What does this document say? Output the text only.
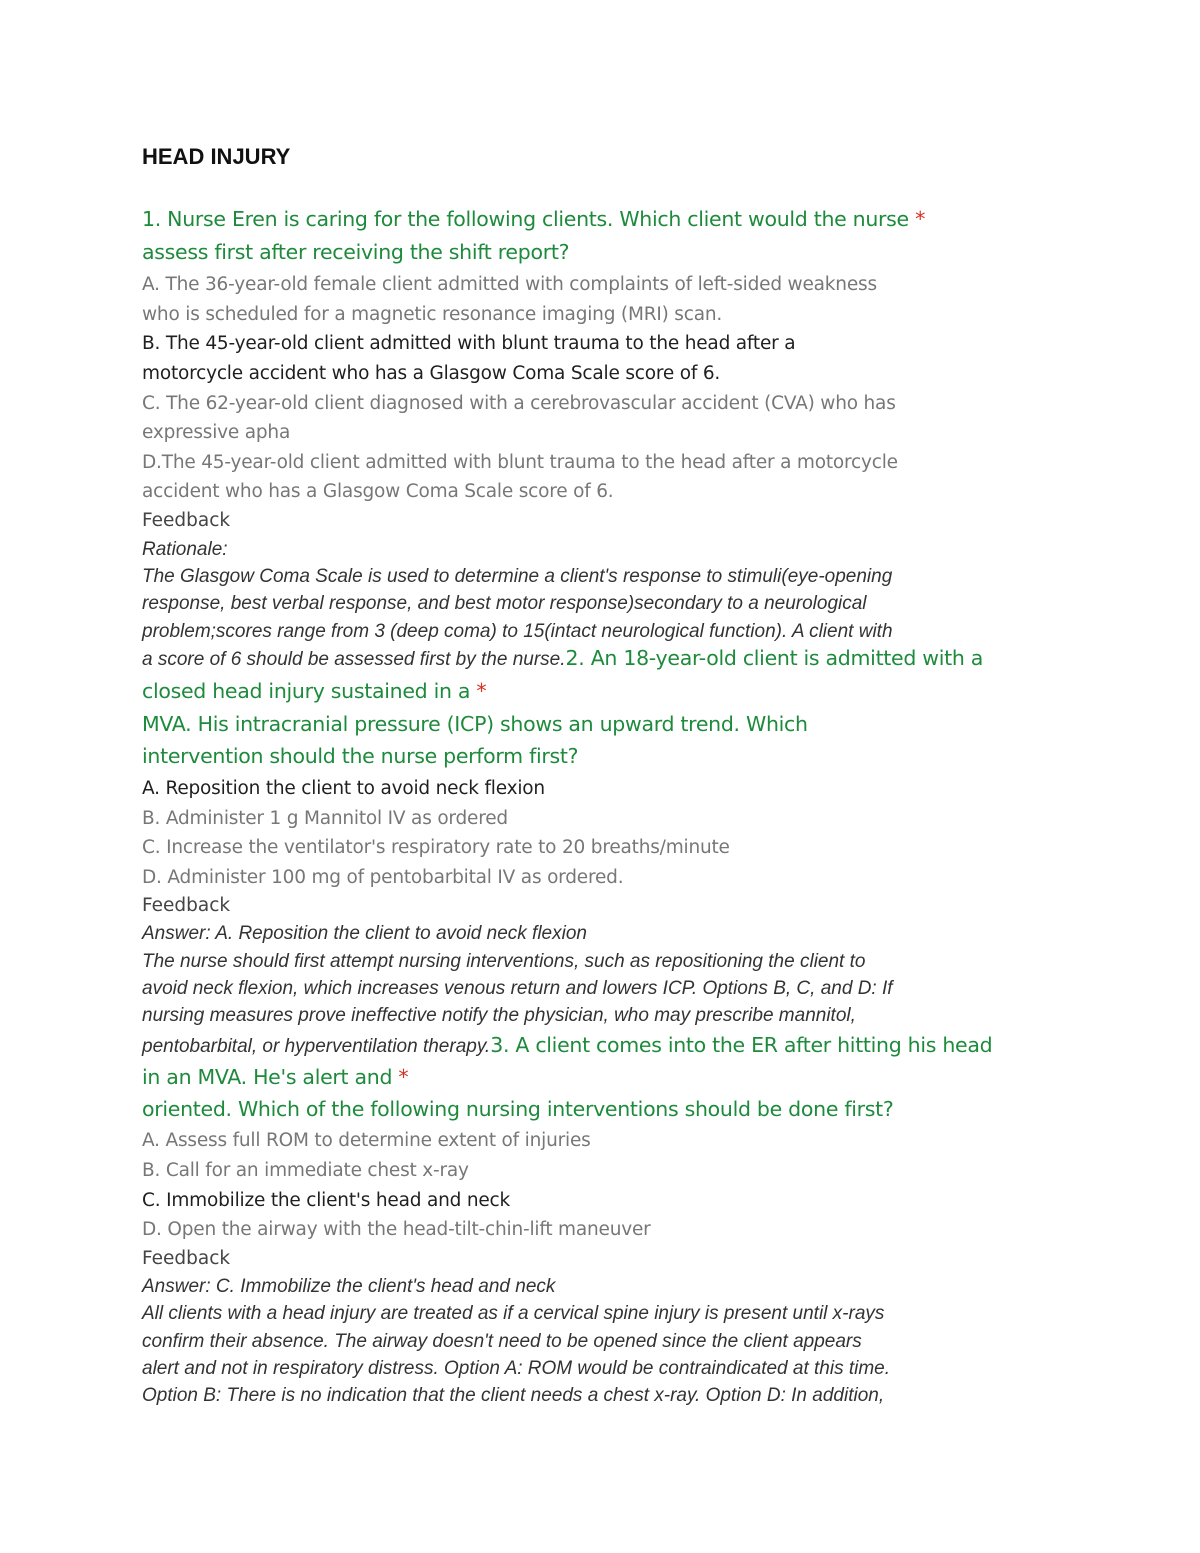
HEAD INJURY
1. Nurse Eren is caring for the following clients. Which client would the nurse *
assess first after receiving the shift report?
A. The 36-year-old female client admitted with complaints of left-sided weakness
who is scheduled for a magnetic resonance imaging (MRI) scan.
B. The 45-year-old client admitted with blunt trauma to the head after a
motorcycle accident who has a Glasgow Coma Scale score of 6.
C. The 62-year-old client diagnosed with a cerebrovascular accident (CVA) who has
expressive apha
D.The 45-year-old client admitted with blunt trauma to the head after a motorcycle
accident who has a Glasgow Coma Scale score of 6.
Feedback
Rationale:
The Glasgow Coma Scale is used to determine a client's response to stimuli(eye-opening
response, best verbal response, and best motor response)secondary to a neurological
problem;scores range from 3 (deep coma) to 15(intact neurological function). A client with
a score of 6 should be assessed first by the nurse.2. An 18-year-old client is admitted with a
closed head injury sustained in a *
MVA. His intracranial pressure (ICP) shows an upward trend. Which
intervention should the nurse perform first?
A. Reposition the client to avoid neck flexion
B. Administer 1 g Mannitol IV as ordered
C. Increase the ventilator's respiratory rate to 20 breaths/minute
D. Administer 100 mg of pentobarbital IV as ordered.
Feedback
Answer: A. Reposition the client to avoid neck flexion
The nurse should first attempt nursing interventions, such as repositioning the client to
avoid neck flexion, which increases venous return and lowers ICP. Options B, C, and D: If
nursing measures prove ineffective notify the physician, who may prescribe mannitol,
pentobarbital, or hyperventilation therapy.3. A client comes into the ER after hitting his head
in an MVA. He's alert and *
oriented. Which of the following nursing interventions should be done first?
A. Assess full ROM to determine extent of injuries
B. Call for an immediate chest x-ray
C. Immobilize the client's head and neck
D. Open the airway with the head-tilt-chin-lift maneuver
Feedback
Answer: C. Immobilize the client's head and neck
All clients with a head injury are treated as if a cervical spine injury is present until x-rays
confirm their absence. The airway doesn't need to be opened since the client appears
alert and not in respiratory distress. Option A: ROM would be contraindicated at this time.
Option B: There is no indication that the client needs a chest x-ray. Option D: In addition,
